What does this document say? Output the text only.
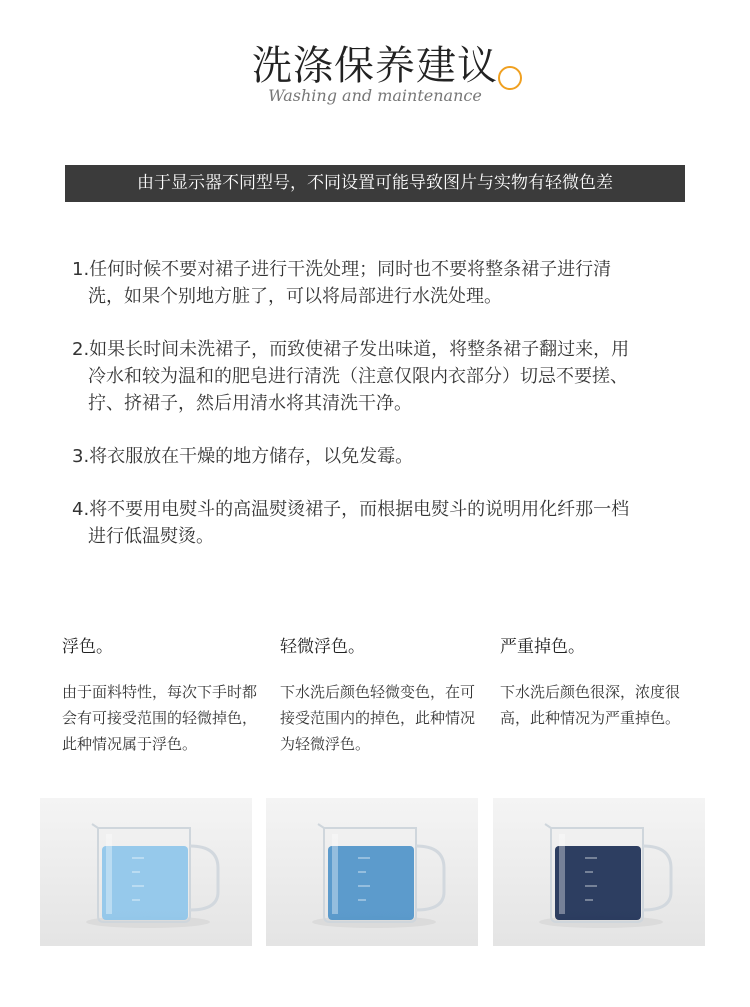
洗涤保养建议
Washing and maintenance
由于显示器不同型号，不同设置可能导致图片与实物有轻微色差

1.任何时候不要对裙子进行干洗处理；同时也不要将整条裙子进行清洗，如果个别地方脏了，可以将局部进行水洗处理。

2.如果长时间未洗裙子，而致使裙子发出味道，将整条裙子翻过来，用冷水和较为温和的肥皂进行清洗（注意仅限内衣部分）切忌不要搓、拧、挤裙子，然后用清水将其清洗干净。

3.将衣服放在干燥的地方储存，以免发霉。

4.将不要用电熨斗的高温熨烫裙子，而根据电熨斗的说明用化纤那一档进行低温熨烫。

浮色。
由于面料特性，每次下手时都会有可接受范围的轻微掉色，此种情况属于浮色。
轻微浮色。
下水洗后颜色轻微变色，在可接受范围内的掉色，此种情况为轻微浮色。
严重掉色。
下水洗后颜色很深，浓度很高，此种情况为严重掉色。
